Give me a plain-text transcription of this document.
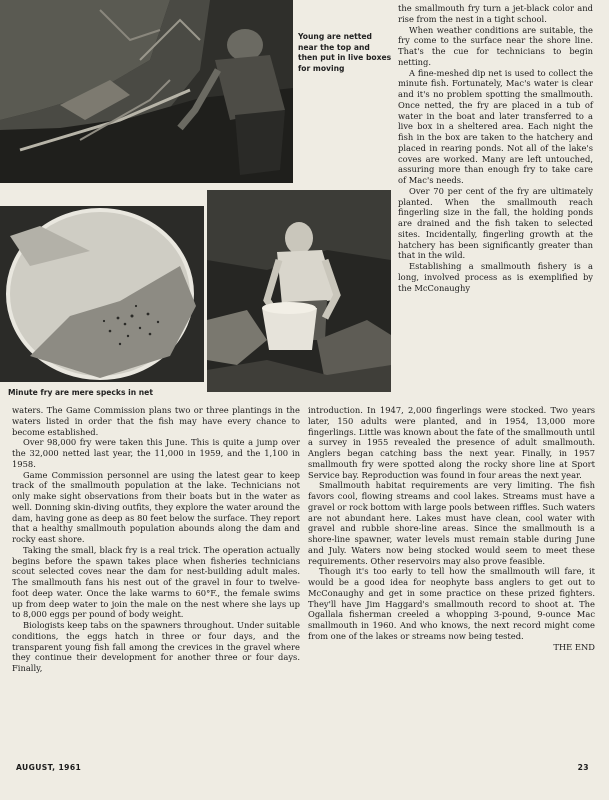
Young are netted near the top and then put in live boxes for moving

the smallmouth fry turn a jet-black color and rise from the nest in a tight school.

When weather conditions are suitable, the fry come to the surface near the shore line. That's the cue for technicians to begin netting.

A fine-meshed dip net is used to collect the minute fish. Fortunately, Mac's water is clear and it's no problem spotting the smallmouth. Once netted, the fry are placed in a tub of water in the boat and later transferred to a live box in a sheltered area. Each night the fish in the box are taken to the hatchery and placed in rearing ponds. Not all of the lake's coves are worked. Many are left untouched, assuring more than enough fry to take care of Mac's needs.

Over 70 per cent of the fry are ultimately planted. When the smallmouth reach fingerling size in the fall, the holding ponds are drained and the fish taken to selected sites. Incidentally, fingerling growth at the hatchery has been significantly greater than that in the wild.

Establishing a smallmouth fishery is a long, involved process as is exemplified by the McConaughy

Minute fry are mere specks in net

waters. The Game Commission plans two or three plantings in the waters listed in order that the fish may have every chance to become established.

Over 98,000 fry were taken this June. This is quite a jump over the 32,000 netted last year, the 11,000 in 1959, and the 1,100 in 1958.

Game Commission personnel are using the latest gear to keep track of the smallmouth population at the lake. Technicians not only make sight observations from their boats but in the water as well. Donning skin-diving outfits, they explore the water around the dam, having gone as deep as 80 feet below the surface. They report that a healthy smallmouth population abounds along the dam and rocky east shore.

Taking the small, black fry is a real trick. The operation actually begins before the spawn takes place when fisheries technicians scout selected coves near the dam for nest-building adult males. The smallmouth fans his nest out of the gravel in four to twelve-foot deep water. Once the lake warms to 60°F., the female swims up from deep water to join the male on the nest where she lays up to 8,000 eggs per pound of body weight.

Biologists keep tabs on the spawners throughout. Under suitable conditions, the eggs hatch in three or four days, and the transparent young fish fall among the crevices in the gravel where they continue their development for another three or four days. Finally,

introduction. In 1947, 2,000 fingerlings were stocked. Two years later, 150 adults were planted, and in 1954, 13,000 more fingerlings. Little was known about the fate of the smallmouth until a survey in 1955 revealed the presence of adult smallmouth. Anglers began catching bass the next year. Finally, in 1957 smallmouth fry were spotted along the rocky shore line at Sport Service bay. Reproduction was found in four areas the next year.

Smallmouth habitat requirements are very limiting. The fish favors cool, flowing streams and cool lakes. Streams must have a gravel or rock bottom with large pools between riffles. Such waters are not abundant here. Lakes must have clean, cool water with gravel and rubble shore-line areas. Since the smallmouth is a shore-line spawner, water levels must remain stable during June and July. Waters now being stocked would seem to meet these requirements. Other reservoirs may also prove feasible.

Though it's too early to tell how the smallmouth will fare, it would be a good idea for neophyte bass anglers to get out to McConaughy and get in some practice on these prized fighters. They'll have Jim Haggard's smallmouth record to shoot at. The Ogallala fisherman creeled a whopping 3-pound, 9-ounce Mac smallmouth in 1960. And who knows, the next record might come from one of the lakes or streams now being tested.

THE END

AUGUST, 1961	23
